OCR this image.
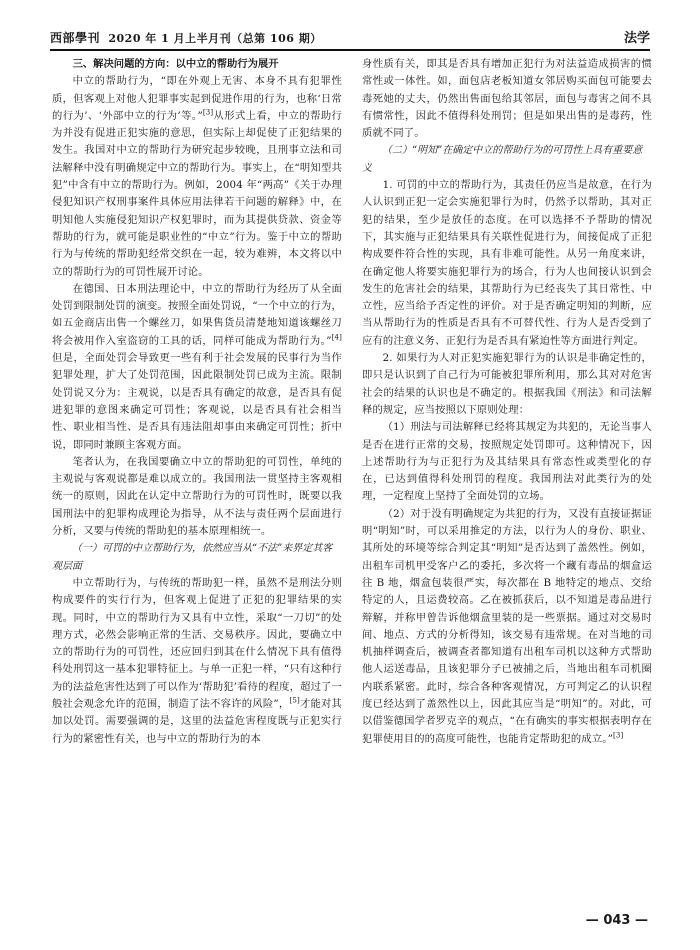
西部學刊 2020 年 1 月上半月刊（总第 106 期）	法学
三、解决问题的方向：以中立的帮助行为展开

中立的帮助行为，“即在外观上无害、本身不具有犯罪性质，但客观上对他人犯罪事实起到促进作用的行为，也称‘日常的行为’、‘外部中立的行为’等。”[3]从形式上看，中立的帮助行为并没有促进正犯实施的意思，但实际上却促使了正犯结果的发生。我国对中立的帮助行为研究起步较晚，且刑事立法和司法解释中没有明确规定中立的帮助行为。事实上，在“明知型共犯”中含有中立的帮助行为。例如，2004 年“两高”《关于办理侵犯知识产权刑事案件具体应用法律若干问题的解释》中，在明知他人实施侵犯知识产权犯罪时，而为其提供贷款、资金等帮助的行为，就可能是职业性的“中立”行为。鉴于中立的帮助行为与传统的帮助犯经常交织在一起，较为难辨，本文将以中立的帮助行为的可罚性展开讨论。

在德国、日本刑法理论中，中立的帮助行为经历了从全面处罚到限制处罚的演变。按照全面处罚说，“一个中立的行为，如五金商店出售一个螺丝刀，如果售货员清楚地知道该螺丝刀将会被用作入室盗窃的工具的话，同样可能成为帮助行为。”[4]但是，全面处罚会导致更一些有利于社会发展的民事行为当作犯罪处理，扩大了处罚范围，因此限制处罚已成为主流。限制处罚说又分为：主观说，以是否具有确定的故意，是否具有促进犯罪的意图来确定可罚性；客观说，以是否具有社会相当性、职业相当性、是否具有违法阻却事由来确定可罚性；折中说，即同时兼顾主客观方面。

笔者认为，在我国要确立中立的帮助犯的可罚性，单纯的主观说与客观说都是难以成立的。我国刑法一贯坚持主客观相统一的原则，因此在认定中立帮助行为的可罚性时，既要以我国刑法中的犯罪构成理论为指导，从不法与责任两个层面进行分析，又要与传统的帮助犯的基本原理相统一。

（一）可罚的中立帮助行为，依然应当从“不法”来界定其客观层面

中立帮助行为，与传统的帮助犯一样，虽然不是刑法分则构成要件的实行行为，但客观上促进了正犯的犯罪结果的实现。同时，中立的帮助行为又具有中立性，采取“一刀切”的处理方式，必然会影响正常的生活、交易秩序。因此，要确立中立的帮助行为的可罚性，还应回归到其在什么情况下具有值得科处刑罚这一基本犯罪特征上。与单一正犯一样，“只有这种行为的法益危害性达到了可以作为‘帮助犯’看待的程度，超过了一般社会观念允许的范围，制造了法不容许的风险”，[5]才能对其加以处罚。需要强调的是，这里的法益危害程度既与正犯实行行为的紧密性有关，也与中立的帮助行为的本

身性质有关，即其是否具有增加正犯行为对法益造成损害的惯常性或一体性。如，面包店老板知道女邻居购买面包可能要去毒死她的丈夫，仍然出售面包给其邻居，面包与毒害之间不具有惯常性，因此不值得科处刑罚；但是如果出售的是毒药，性质就不同了。

（二）“明知”在确定中立的帮助行为的可罚性上具有重要意义

1. 可罚的中立的帮助行为，其责任仍应当是故意，在行为人认识到正犯一定会实施犯罪行为时，仍然予以帮助，其对正犯的结果，至少是放任的态度。在可以选择不予帮助的情况下，其实施与正犯结果具有关联性促进行为，间接促成了正犯构成要件符合性的实现，具有非难可能性。从另一角度来讲，在确定他人将要实施犯罪行为的场合，行为人也间接认识到会发生的危害社会的结果，其帮助行为已经丧失了其日常性、中立性，应当给予否定性的评价。对于是否确定明知的判断，应当从帮助行为的性质是否具有不可替代性、行为人是否受到了应有的注意义务、正犯行为是否具有紧迫性等方面进行判定。

2. 如果行为人对正犯实施犯罪行为的认识是非确定性的，即只是认识到了自己行为可能被犯罪所利用，那么其对对危害社会的结果的认识也是不确定的。根据我国《刑法》和司法解释的规定，应当按照以下原则处理：

（1）刑法与司法解释已经将其规定为共犯的，无论当事人是否在进行正常的交易，按照规定处罚即可。这种情况下，因上述帮助行为与正犯行为及其结果具有常态性或类型化的存在，已达到值得科处刑罚的程度。我国刑法对此类行为的处理，一定程度上坚持了全面处罚的立场。

（2）对于没有明确规定为共犯的行为，又没有直接证据证明“明知”时，可以采用推定的方法，以行为人的身份、职业、其所处的环境等综合判定其“明知”是否达到了盖然性。例如，出租车司机甲受客户乙的委托，多次将一个藏有毒品的烟盒运往 B 地，烟盒包装很严实，每次都在 B 地特定的地点、交给特定的人，且运费较高。乙在被抓获后，以不知道是毒品进行辩解，并称甲曾告诉他烟盒里装的是一些票据。通过对交易时间、地点、方式的分析得知，该交易有违常规。在对当地的司机抽样调查后，被调查者都知道有出租车司机以这种方式帮助他人运送毒品，且该犯罪分子已被捕之后，当地出租车司机圈内联系紧密。此时，综合各种客观情况，方可判定乙的认识程度已经达到了盖然性以上，因此其应当是“明知”的。对此，可以借鉴德国学者罗克辛的观点，“在有确实的事实根据表明存在犯罪使用目的的高度可能性，也能肯定帮助犯的成立。”[3]

— 043 —
